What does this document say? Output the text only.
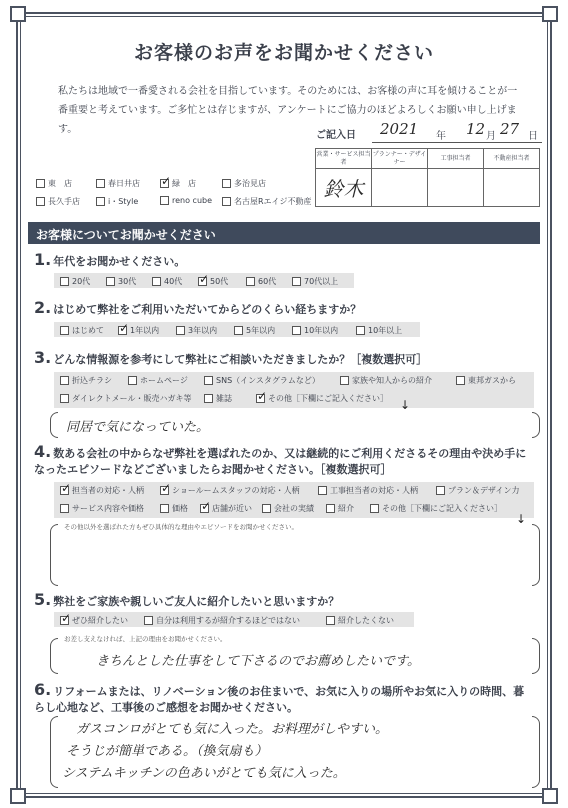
お客様のお声をお聞かせください
私たちは地域で一番愛される会社を目指しています。そのためには、お客様の声に耳を傾けることが一番重要と考えています。ご多忙とは存じますが、アンケートにご協力のほどよろしくお願い申し上げます。
ご記入日 2021 年 12 月 27 日
営業・サービス担当者	プランナー・デザイナー	工事担当者	不動産担当者
鈴木			
東　店	春日井店 ✓	緑　店	多治見店
長久手店	i・Style	reno cube	名古屋Rエイジ不動産
お客様についてお聞かせください
1. 年代をお聞かせください。
20代	30代	40代 ✓	50代	60代	70代以上
2. はじめて弊社をご利用いただいてからどのくらい経ちますか？
はじめて ✓	1年以内	3年以内	5年以内	10年以内	10年以上
3. どんな情報源を参考にして弊社にご相談いただきましたか？［複数選択可］
折込チラシ	ホームページ	SNS（インスタグラムなど）	家族や知人からの紹介	東邦ガスから
ダイレクトメール・販売ハガキ等	雑誌 ✓	その他［下欄にご記入ください］ ↓
同居で気になっていた。
4. 数ある会社の中からなぜ弊社を選ばれたのか、又は継続的にご利用くださるその理由や決め手になったエピソードなどございましたらお聞かせください。［複数選択可］
✓担当者の対応・人柄 ✓	ショールームスタッフの対応・人柄	工事担当者の対応・人柄	プラン＆デザイン力
サービス内容や価格	価格 ✓	店舗が近い	会社の実績	紹介	その他［下欄にご記入ください］
↓
その他以外を選ばれた方もぜひ具体的な理由やエピソードをお聞かせください。
5. 弊社をご家族や親しいご友人に紹介したいと思いますか？
✓ぜひ紹介したい	自分は利用するが紹介するほどではない	紹介したくない
お差し支えなければ、上記の理由をお聞かせください。
きちんとした仕事をして下さるのでお薦めしたいです。
6. リフォームまたは、リノベーション後のお住まいで、お気に入りの場所やお気に入りの時間、暮らし心地など、工事後のご感想をお聞かせください。
ガスコンロがとても気に入った。お料理がしやすい。
そうじが簡単である。（換気扇も）
システムキッチンの色あいがとても気に入った。
